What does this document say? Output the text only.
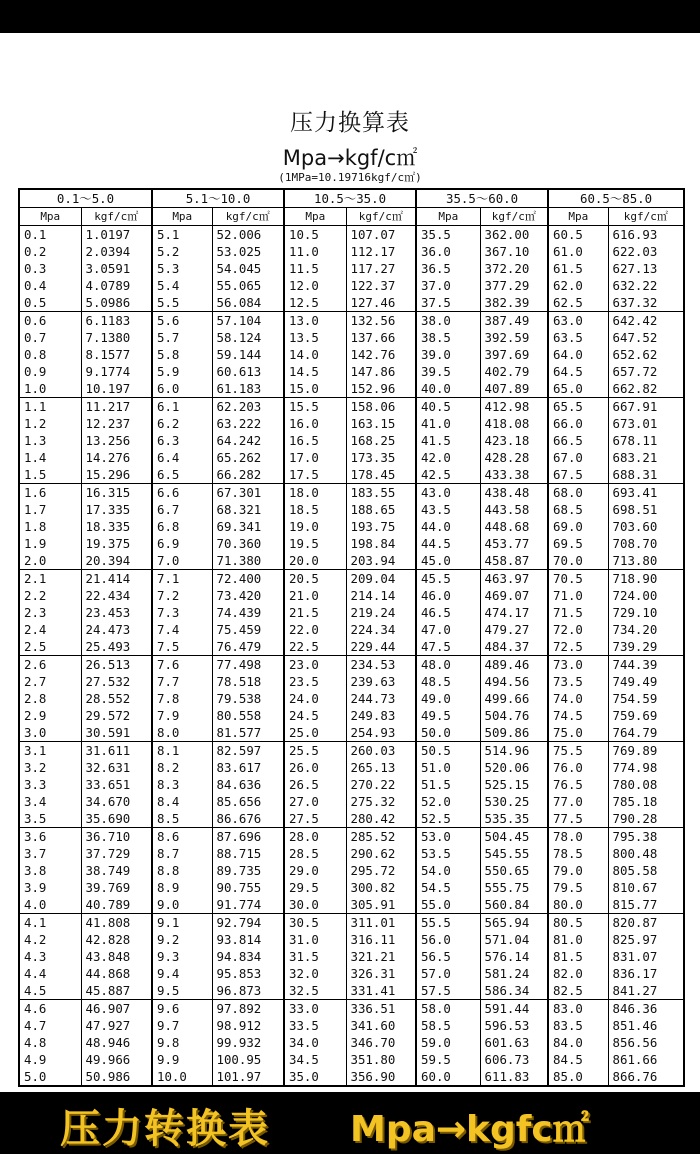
压力换算表
Mpa→kgf/c㎡
(1MPa=10.19716kgf/c㎡)
0.1～5.0		5.1～10.0		10.5～35.0		35.5～60.0		60.5～85.0	
Mpa	kgf/c㎡	Mpa	kgf/c㎡	Mpa	kgf/c㎡	Mpa	kgf/c㎡	Mpa	kgf/c㎡
0.1	1.0197	5.1	52.006	10.5	107.07	35.5	362.00	60.5	616.93
0.2	2.0394	5.2	53.025	11.0	112.17	36.0	367.10	61.0	622.03
0.3	3.0591	5.3	54.045	11.5	117.27	36.5	372.20	61.5	627.13
0.4	4.0789	5.4	55.065	12.0	122.37	37.0	377.29	62.0	632.22
0.5	5.0986	5.5	56.084	12.5	127.46	37.5	382.39	62.5	637.32
0.6	6.1183	5.6	57.104	13.0	132.56	38.0	387.49	63.0	642.42
0.7	7.1380	5.7	58.124	13.5	137.66	38.5	392.59	63.5	647.52
0.8	8.1577	5.8	59.144	14.0	142.76	39.0	397.69	64.0	652.62
0.9	9.1774	5.9	60.613	14.5	147.86	39.5	402.79	64.5	657.72
1.0	10.197	6.0	61.183	15.0	152.96	40.0	407.89	65.0	662.82
1.1	11.217	6.1	62.203	15.5	158.06	40.5	412.98	65.5	667.91
1.2	12.237	6.2	63.222	16.0	163.15	41.0	418.08	66.0	673.01
1.3	13.256	6.3	64.242	16.5	168.25	41.5	423.18	66.5	678.11
1.4	14.276	6.4	65.262	17.0	173.35	42.0	428.28	67.0	683.21
1.5	15.296	6.5	66.282	17.5	178.45	42.5	433.38	67.5	688.31
1.6	16.315	6.6	67.301	18.0	183.55	43.0	438.48	68.0	693.41
1.7	17.335	6.7	68.321	18.5	188.65	43.5	443.58	68.5	698.51
1.8	18.335	6.8	69.341	19.0	193.75	44.0	448.68	69.0	703.60
1.9	19.375	6.9	70.360	19.5	198.84	44.5	453.77	69.5	708.70
2.0	20.394	7.0	71.380	20.0	203.94	45.0	458.87	70.0	713.80
2.1	21.414	7.1	72.400	20.5	209.04	45.5	463.97	70.5	718.90
2.2	22.434	7.2	73.420	21.0	214.14	46.0	469.07	71.0	724.00
2.3	23.453	7.3	74.439	21.5	219.24	46.5	474.17	71.5	729.10
2.4	24.473	7.4	75.459	22.0	224.34	47.0	479.27	72.0	734.20
2.5	25.493	7.5	76.479	22.5	229.44	47.5	484.37	72.5	739.29
2.6	26.513	7.6	77.498	23.0	234.53	48.0	489.46	73.0	744.39
2.7	27.532	7.7	78.518	23.5	239.63	48.5	494.56	73.5	749.49
2.8	28.552	7.8	79.538	24.0	244.73	49.0	499.66	74.0	754.59
2.9	29.572	7.9	80.558	24.5	249.83	49.5	504.76	74.5	759.69
3.0	30.591	8.0	81.577	25.0	254.93	50.0	509.86	75.0	764.79
3.1	31.611	8.1	82.597	25.5	260.03	50.5	514.96	75.5	769.89
3.2	32.631	8.2	83.617	26.0	265.13	51.0	520.06	76.0	774.98
3.3	33.651	8.3	84.636	26.5	270.22	51.5	525.15	76.5	780.08
3.4	34.670	8.4	85.656	27.0	275.32	52.0	530.25	77.0	785.18
3.5	35.690	8.5	86.676	27.5	280.42	52.5	535.35	77.5	790.28
3.6	36.710	8.6	87.696	28.0	285.52	53.0	504.45	78.0	795.38
3.7	37.729	8.7	88.715	28.5	290.62	53.5	545.55	78.5	800.48
3.8	38.749	8.8	89.735	29.0	295.72	54.0	550.65	79.0	805.58
3.9	39.769	8.9	90.755	29.5	300.82	54.5	555.75	79.5	810.67
4.0	40.789	9.0	91.774	30.0	305.91	55.0	560.84	80.0	815.77
4.1	41.808	9.1	92.794	30.5	311.01	55.5	565.94	80.5	820.87
4.2	42.828	9.2	93.814	31.0	316.11	56.0	571.04	81.0	825.97
4.3	43.848	9.3	94.834	31.5	321.21	56.5	576.14	81.5	831.07
4.4	44.868	9.4	95.853	32.0	326.31	57.0	581.24	82.0	836.17
4.5	45.887	9.5	96.873	32.5	331.41	57.5	586.34	82.5	841.27
4.6	46.907	9.6	97.892	33.0	336.51	58.0	591.44	83.0	846.36
4.7	47.927	9.7	98.912	33.5	341.60	58.5	596.53	83.5	851.46
4.8	48.946	9.8	99.932	34.0	346.70	59.0	601.63	84.0	856.56
4.9	49.966	9.9	100.95	34.5	351.80	59.5	606.73	84.5	861.66
5.0	50.986	10.0	101.97	35.0	356.90	60.0	611.83	85.0	866.76
压力转换表 Mpa→kgfc㎡
